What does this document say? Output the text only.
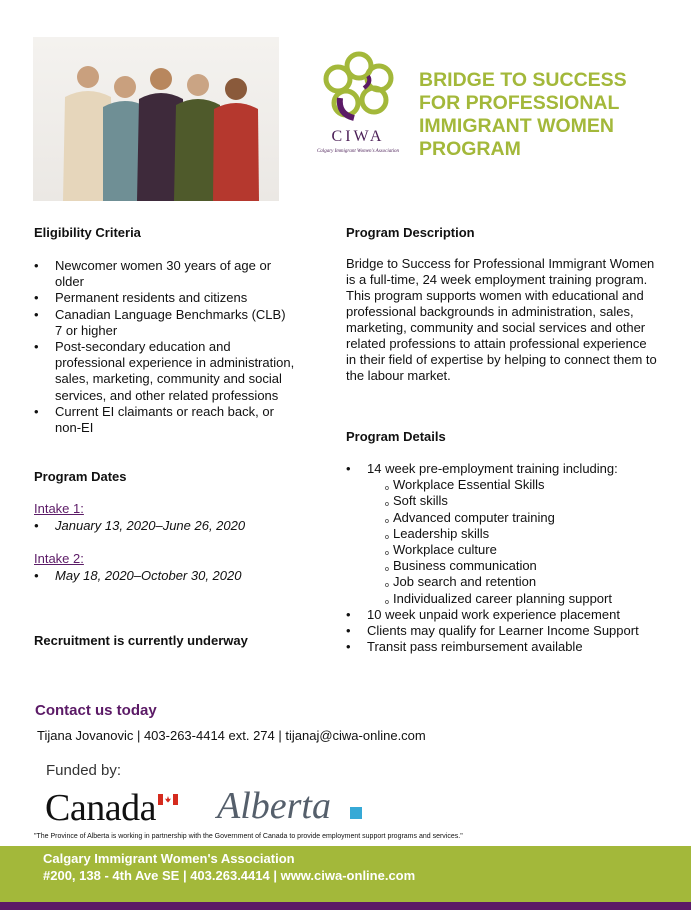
CIWA
Calgary Immigrant Women's Association
BRIDGE TO SUCCESS
FOR PROFESSIONAL
IMMIGRANT WOMEN
PROGRAM
Eligibility Criteria
• Newcomer women 30 years of age or older
• Permanent residents and citizens
• Canadian Language Benchmarks (CLB) 7 or higher
• Post-secondary education and professional experience in administration, sales, marketing, community and social services, and other related professions
• Current EI claimants or reach back, or non-EI
Program Dates
Intake 1:
• January 13, 2020–June 26, 2020
Intake 2:
• May 18, 2020–October 30, 2020
Recruitment is currently underway
Program Description
Bridge to Success for Professional Immigrant Women is a full-time, 24 week employment training program. This program supports women with educational and professional backgrounds in administration, sales, marketing, community and social services and other related professions to attain professional experience in their field of expertise by helping to connect them to the labour market.
Program Details
• 14 week pre-employment training including:
o Workplace Essential Skills
o Soft skills
o Advanced computer training
o Leadership skills
o Workplace culture
o Business communication
o Job search and retention
o Individualized career planning support
• 10 week unpaid work experience placement
• Clients may qualify for Learner Income Support
• Transit pass reimbursement available
Contact us today
Tijana Jovanovic | 403-263-4414 ext. 274 | tijanaj@ciwa-online.com
Funded by:
Canada Alberta
"The Province of Alberta is working in partnership with the Government of Canada to provide employment support programs and services."
Calgary Immigrant Women's Association
#200, 138 - 4th Ave SE | 403.263.4414 | www.ciwa-online.com
